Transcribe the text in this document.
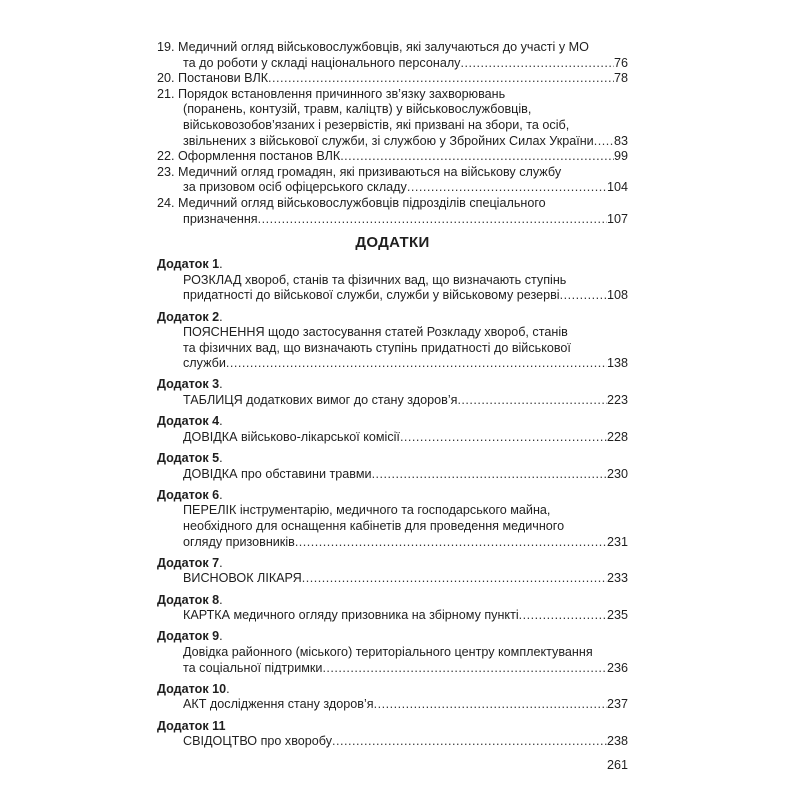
19. Медичний огляд військовослужбовців, які залучаються до участі у МО
та до роботи у складі національного персоналу .....	76
20. Постанови ВЛК .....	78
21. Порядок встановлення причинного зв’язку захворювань
(поранень, контузій, травм, каліцтв) у військовослужбовців,
військовозобов’язаних і резервістів, які призвані на збори, та осіб,
звільнених з військової служби, зі службою у Збройних Силах України ..... 83
22. Оформлення постанов ВЛК .....	99
23. Медичний огляд громадян, які призиваються на військову службу
за призовом осіб офіцерського складу .....	104
24. Медичний огляд військовослужбовців підрозділів спеціального
призначення .....	107
ДОДАТКИ
Додаток 1.
РОЗКЛАД хвороб, станів та фізичних вад, що визначають ступінь
придатності до військової служби, служби у військовому резерві .....	108
Додаток 2.
ПОЯСНЕННЯ щодо застосування статей Розкладу хвороб, станів
та фізичних вад, що визначають ступінь придатності до військової
служби .....	138
Додаток 3.
ТАБЛИЦЯ додаткових вимог до стану здоров’я .....	223
Додаток 4.
ДОВІДКА військово-лікарської комісії .....	228
Додаток 5.
ДОВІДКА про обставини травми .....	230
Додаток 6.
ПЕРЕЛІК інструментарію, медичного та господарського майна,
необхідного для оснащення кабінетів для проведення медичного
огляду призовників .....	231
Додаток 7.
ВИСНОВОК ЛІКАРЯ .....	233
Додаток 8.
КАРТКА медичного огляду призовника на збірному пункті .....	235
Додаток 9.
Довідка районного (міського) територіального центру комплектування
та соціальної підтримки .....	236
Додаток 10.
АКТ дослідження стану здоров’я .....	237
Додаток 11
СВІДОЦТВО про хворобу .....	238
261
